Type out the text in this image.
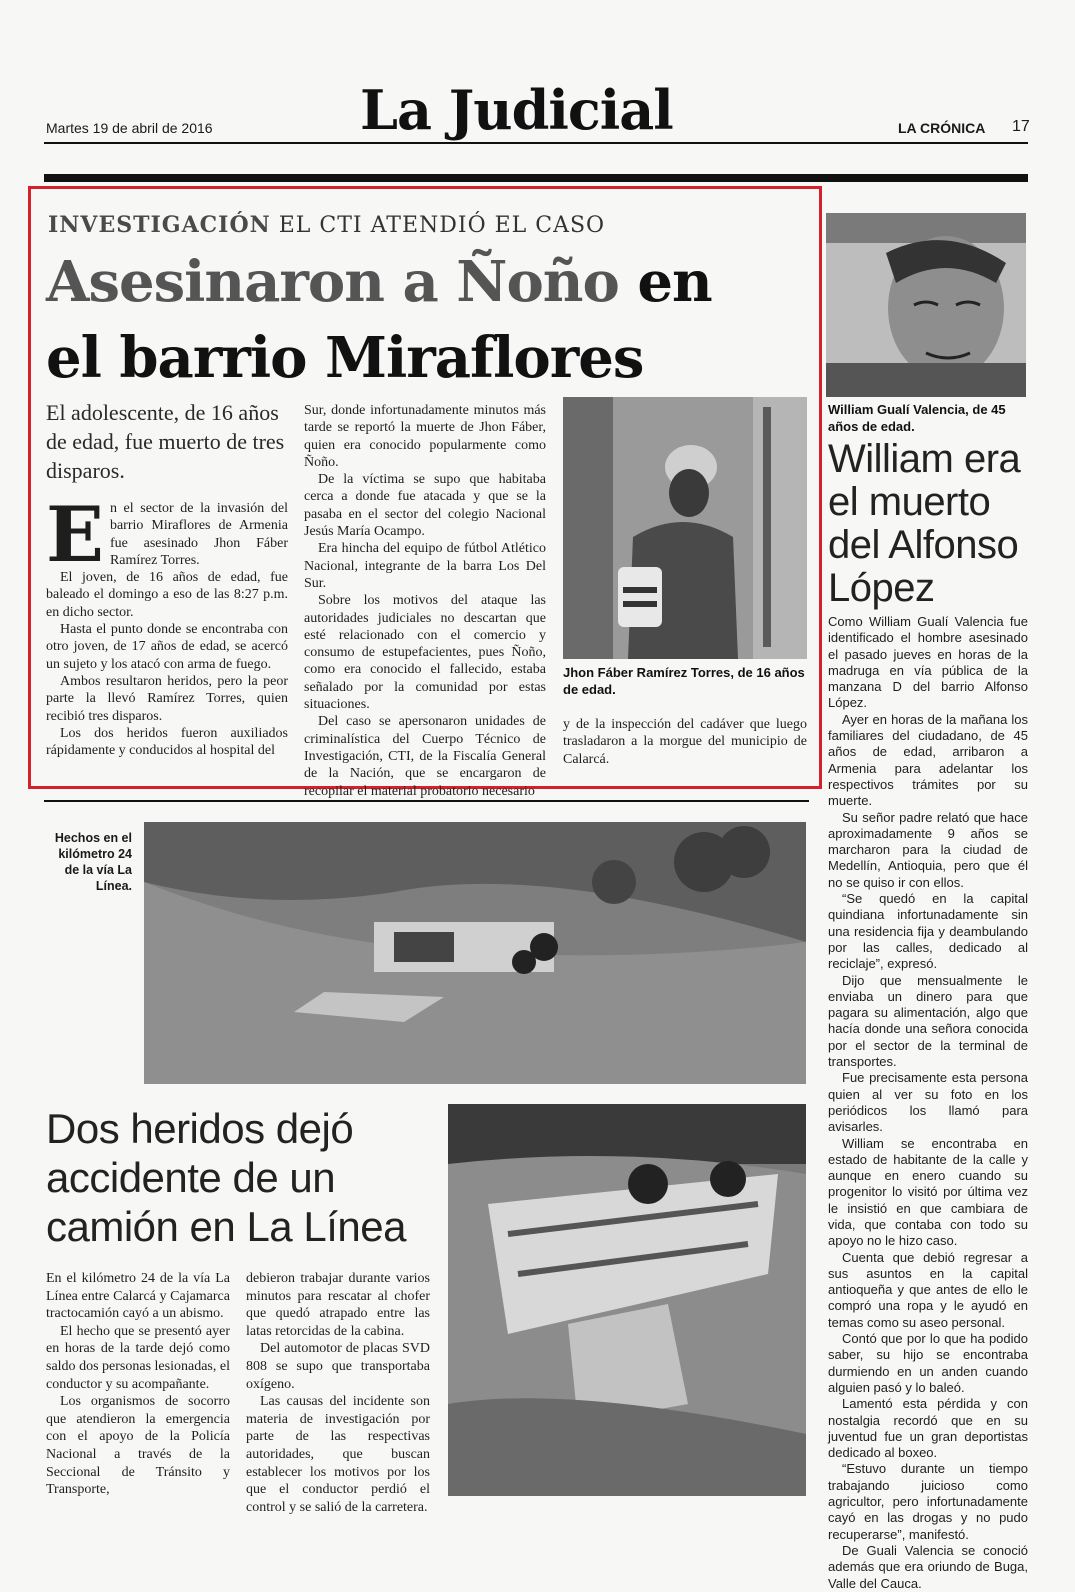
Martes 19 de abril de 2016	La Judicial	LA CRÓNICA 17
INVESTIGACIÓN EL CTI ATENDIÓ EL CASO
Asesinaron a Ñoño en
el barrio Miraflores
El adolescente, de 16 años de edad, fue muerto de tres disparos.
E n el sector de la invasión del barrio Miraflores de Armenia fue asesinado Jhon Fáber Ramírez Torres.

El joven, de 16 años de edad, fue baleado el domingo a eso de las 8:27 p.m. en dicho sector.

Hasta el punto donde se encontraba con otro joven, de 17 años de edad, se acercó un sujeto y los atacó con arma de fuego.

Ambos resultaron heridos, pero la peor parte la llevó Ramírez Torres, quien recibió tres disparos.

Los dos heridos fueron auxiliados rápidamente y conducidos al hospital del

Sur, donde infortunadamente minutos más tarde se reportó la muerte de Jhon Fáber, quien era conocido popularmente como Ñoño.

De la víctima se supo que habitaba cerca a donde fue atacada y que se la pasaba en el sector del colegio Nacional Jesús María Ocampo.

Era hincha del equipo de fútbol Atlético Nacional, integrante de la barra Los Del Sur.

Sobre los motivos del ataque las autoridades judiciales no descartan que esté relacionado con el comercio y consumo de estupefacientes, pues Ñoño, como era conocido el fallecido, estaba señalado por la comunidad por estas situaciones.

Del caso se apersonaron unidades de criminalística del Cuerpo Técnico de Investigación, CTI, de la Fiscalía General de la Nación, que se encargaron de recopilar el material probatorio necesario

Jhon Fáber Ramírez Torres, de 16 años de edad.

y de la inspección del cadáver que luego trasladaron a la morgue del municipio de Calarcá.

William Gualí Valencia, de 45 años de edad.
William era el muerto del Alfonso López

Como William Gualí Valencia fue identificado el hombre asesinado el pasado jueves en horas de la madruga en vía pública de la manzana D del barrio Alfonso López.

Ayer en horas de la mañana los familiares del ciudadano, de 45 años de edad, arribaron a Armenia para adelantar los respectivos trámites por su muerte.

Su señor padre relató que hace aproximadamente 9 años se marcharon para la ciudad de Medellín, Antioquia, pero que él no se quiso ir con ellos.

“Se quedó en la capital quindiana infortunadamente sin una residencia fija y deambulando por las calles, dedicado al reciclaje”, expresó.

Dijo que mensualmente le enviaba un dinero para que pagara su alimentación, algo que hacía donde una señora conocida por el sector de la terminal de transportes.

Fue precisamente esta persona quien al ver su foto en los periódicos los llamó para avisarles.

William se encontraba en estado de habitante de la calle y aunque en enero cuando su progenitor lo visitó por última vez le insistió en que cambiara de vida, que contaba con todo su apoyo no le hizo caso.

Cuenta que debió regresar a sus asuntos en la capital antioqueña y que antes de ello le compró una ropa y le ayudó en temas como su aseo personal.

Contó que por lo que ha podido saber, su hijo se encontraba durmiendo en un anden cuando alguien pasó y lo baleó.

Lamentó esta pérdida y con nostalgia recordó que en su juventud fue un gran deportistas dedicado al boxeo.

“Estuvo durante un tiempo trabajando juicioso como agricultor, pero infortunadamente cayó en las drogas y no pudo recuperarse”, manifestó.

De Guali Valencia se conoció además que era oriundo de Buga, Valle del Cauca.

Hechos en el kilómetro 24 de la vía La Línea.
Dos heridos dejó accidente de un camión en La Línea

En el kilómetro 24 de la vía La Línea entre Calarcá y Cajamarca tractocamión cayó a un abismo.

El hecho que se presentó ayer en horas de la tarde dejó como saldo dos personas lesionadas, el conductor y su acompañante.

Los organismos de socorro que atendieron la emergencia con el apoyo de la Policía Nacional a través de la Seccional de Tránsito y Transporte,

debieron trabajar durante varios minutos para rescatar al chofer que quedó atrapado entre las latas retorcidas de la cabina.

Del automotor de placas SVD 808 se supo que transportaba oxígeno.

Las causas del incidente son materia de investigación por parte de las respectivas autoridades, que buscan establecer los motivos por los que el conductor perdió el control y se salió de la carretera.
